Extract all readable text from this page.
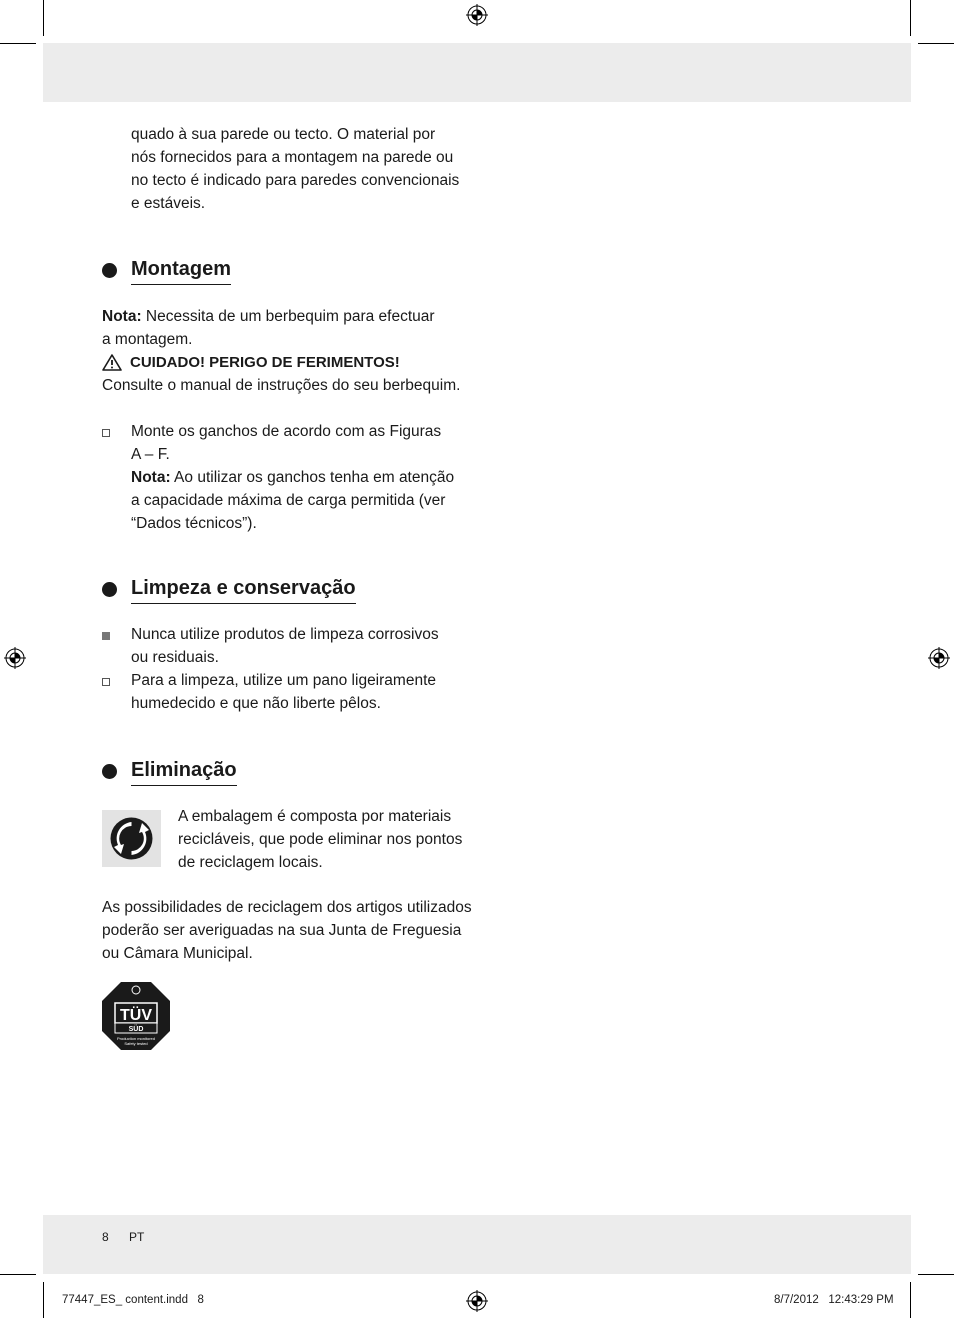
quado à sua parede ou tecto. O material por

nós fornecidos para a montagem na parede ou

no tecto é indicado para paredes convencionais

e estáveis.

Montagem

Nota: Necessita de um berbequim para efectuar

a montagem.

CUIDADO! PERIGO DE FERIMENTOS!

Consulte o manual de instruções do seu berbequim.

Monte os ganchos de acordo com as Figuras

A – F.

Nota: Ao utilizar os ganchos tenha em atenção

a capacidade máxima de carga permitida (ver

“Dados técnicos”).

Limpeza e conservação

Nunca utilize produtos de limpeza corrosivos

ou residuais.

Para a limpeza, utilize um pano ligeiramente

humedecido e que não liberte pêlos.

Eliminação

A embalagem é composta por materiais

recicláveis, que pode eliminar nos pontos

de reciclagem locais.

As possibilidades de reciclagem dos artigos utilizados

poderão ser averiguadas na sua Junta de Freguesia

ou Câmara Municipal.

TÜV
SÜD
Production monitored
Safety tested
8 PT
77447_ES_ content.indd   8	8/7/2012   12:43:29 PM
